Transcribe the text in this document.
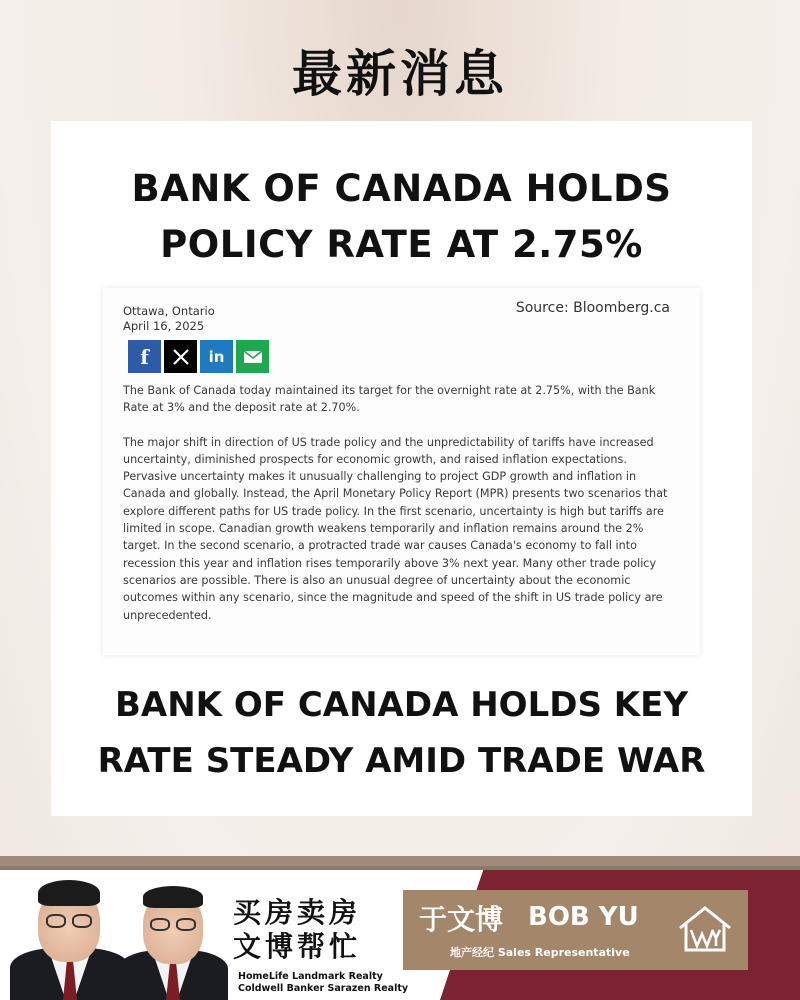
最新消息
BANK OF CANADA HOLDS
POLICY RATE AT 2.75%
Ottawa, Ontario
April 16, 2025
Source: Bloomberg.ca
f	in

The Bank of Canada today maintained its target for the overnight rate at 2.75%, with the Bank Rate at 3% and the deposit rate at 2.70%.

The major shift in direction of US trade policy and the unpredictability of tariffs have increased uncertainty, diminished prospects for economic growth, and raised inflation expectations. Pervasive uncertainty makes it unusually challenging to project GDP growth and inflation in Canada and globally. Instead, the April Monetary Policy Report (MPR) presents two scenarios that explore different paths for US trade policy. In the first scenario, uncertainty is high but tariffs are limited in scope. Canadian growth weakens temporarily and inflation remains around the 2% target. In the second scenario, a protracted trade war causes Canada's economy to fall into recession this year and inflation rises temporarily above 3% next year. Many other trade policy scenarios are possible. There is also an unusual degree of uncertainty about the economic outcomes within any scenario, since the magnitude and speed of the shift in US trade policy are unprecedented.

BANK OF CANADA HOLDS KEY
RATE STEADY AMID TRADE WAR
买房卖房
文博帮忙
HomeLife Landmark Realty
Coldwell Banker Sarazen Realty
于文博 BOB YU
地产经纪 Sales Representative
